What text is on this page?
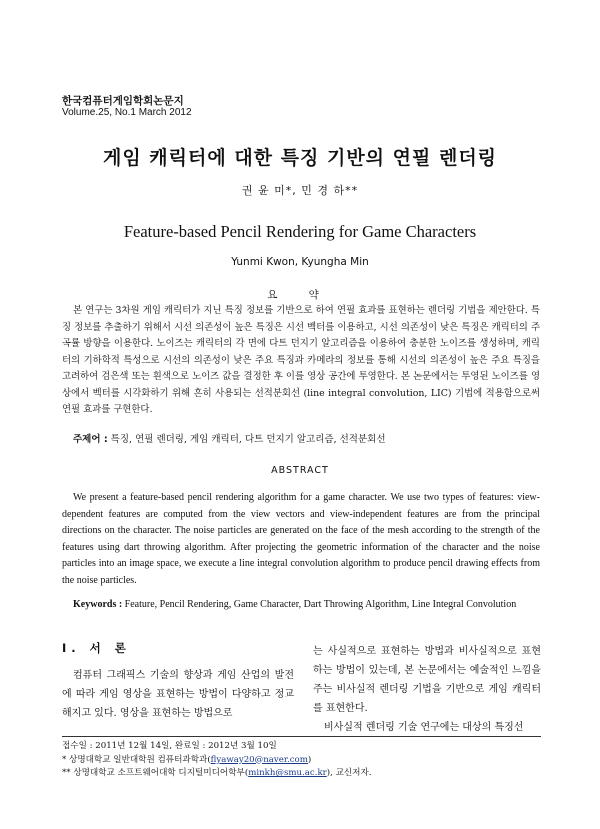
한국컴퓨터게임학회논문지
Volume.25, No.1 March 2012
게임 캐릭터에 대한 특징 기반의 연필 렌더링
권 윤 미*, 민 경 하**
Feature-based Pencil Rendering for Game Characters
Yunmi Kwon, Kyungha Min
요 약

본 연구는 3차원 게임 캐릭터가 지닌 특징 정보를 기반으로 하여 연필 효과를 표현하는 렌더링 기법을 제안한다. 특징 정보를 추출하기 위해서 시선 의존성이 높은 특징은 시선 벡터를 이용하고, 시선 의존성이 낮은 특징은 캐릭터의 주곡률 방향을 이용한다. 노이즈는 캐릭터의 각 면에 다트 던지기 알고리즘을 이용하여 충분한 노이즈를 생성하며, 캐릭터의 기하학적 특성으로 시선의 의존성이 낮은 주요 특징과 카메라의 정보를 통해 시선의 의존성이 높은 주요 특징을 고려하여 검은색 또는 흰색으로 노이즈 값을 결정한 후 이를 영상 공간에 투영한다. 본 논문에서는 투영된 노이즈를 영상에서 벡터를 시각화하기 위해 흔히 사용되는 선적분회선 (line integral convolution, LIC) 기법에 적용함으로써 연필 효과를 구현한다.

주제어 : 특징, 연필 렌더링, 게임 캐릭터, 다트 던지기 알고리즘, 선적분회선
ABSTRACT

We present a feature-based pencil rendering algorithm for a game character. We use two types of features: view-dependent features are computed from the view vectors and view-independent features are from the principal directions on the character. The noise particles are generated on the face of the mesh according to the strength of the features using dart throwing algorithm. After projecting the geometric information of the character and the noise particles into an image space, we execute a line integral convolution algorithm to produce pencil drawing effects from the noise particles.

Keywords : Feature, Pencil Rendering, Game Character, Dart Throwing Algorithm, Line Integral Convolution
Ⅰ. 서 론

컴퓨터 그래픽스 기술의 향상과 게임 산업의 발전에 따라 게임 영상을 표현하는 방법이 다양하고 정교해지고 있다. 영상을 표현하는 방법으로

는 사실적으로 표현하는 방법과 비사실적으로 표현하는 방법이 있는데, 본 논문에서는 예술적인 느낌을 주는 비사실적 렌더링 기법을 기반으로 게임 캐릭터를 표현한다.

비사실적 렌더링 기술 연구에는 대상의 특징선

접수일 : 2011년 12월 14일, 완료일 : 2012년 3월 10일
* 상명대학교 일반대학원 컴퓨터과학과(flyaway20@naver.com)
** 상명대학교 소프트웨어대학 디지털미디어학부(minkh@smu.ac.kr), 교신저자.
